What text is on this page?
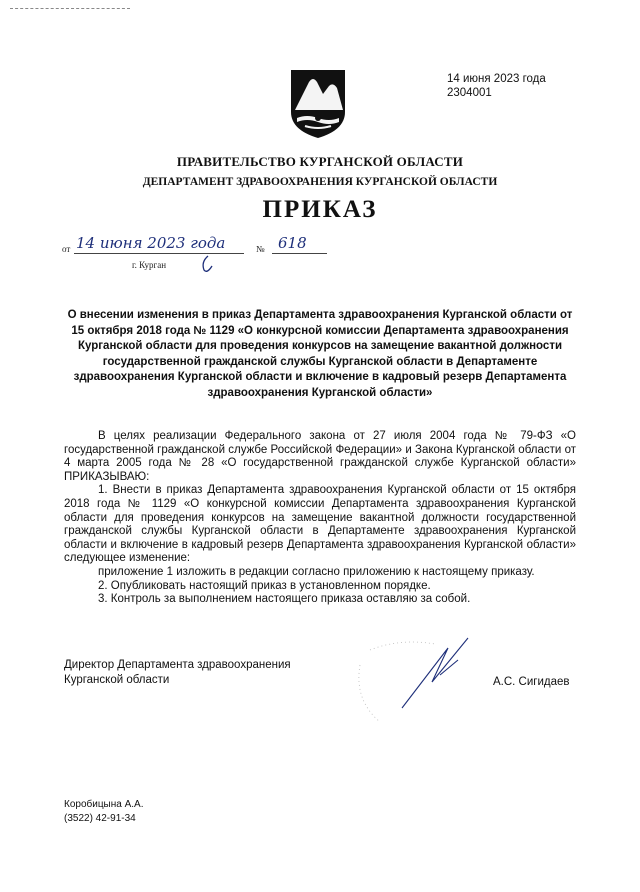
14 июня 2023 года
2304001
ПРАВИТЕЛЬСТВО КУРГАНСКОЙ ОБЛАСТИ
ДЕПАРТАМЕНТ ЗДРАВООХРАНЕНИЯ КУРГАНСКОЙ ОБЛАСТИ
ПРИКАЗ
от 14 июня 2023 года	№ 618
г. Курган
О внесении изменения в приказ Департамента здравоохранения Курганской области от 15 октября 2018 года № 1129 «О конкурсной комиссии Департамента здравоохранения Курганской области для проведения конкурсов на замещение вакантной должности государственной гражданской службы Курганской области в Департаменте здравоохранения Курганской области и включение в кадровый резерв Департамента здравоохранения Курганской области»

В целях реализации Федерального закона от 27 июля 2004 года № 79-ФЗ «О государственной гражданской службе Российской Федерации» и Закона Курганской области от 4 марта 2005 года № 28 «О государственной гражданской службе Курганской области» ПРИКАЗЫВАЮ:

1. Внести в приказ Департамента здравоохранения Курганской области от 15 октября 2018 года № 1129 «О конкурсной комиссии Департамента здравоохранения Курганской области для проведения конкурсов на замещение вакантной должности государственной гражданской службы Курганской области в Департаменте здравоохранения Курганской области и включение в кадровый резерв Департамента здравоохранения Курганской области» следующее изменение:

приложение 1 изложить в редакции согласно приложению к настоящему приказу.

2. Опубликовать настоящий приказ в установленном порядке.

3. Контроль за выполнением настоящего приказа оставляю за собой.

Директор Департамента здравоохранения
Курганской области	А.С. Сигидаев
Коробицына А.А.
(3522) 42-91-34
